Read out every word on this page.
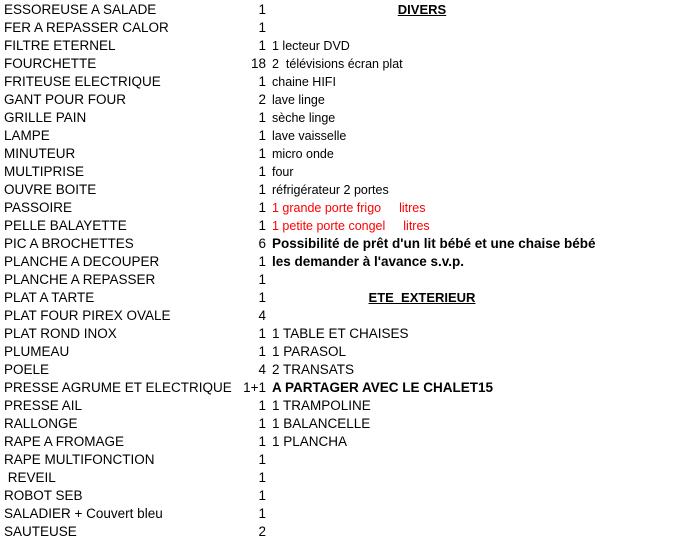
ESSOREUSE A SALADE	1
FER A REPASSER CALOR	1
FILTRE ETERNEL	1
FOURCHETTE	18
FRITEUSE ELECTRIQUE	1
GANT POUR FOUR	2
GRILLE PAIN	1
LAMPE	1
MINUTEUR	1
MULTIPRISE	1
OUVRE BOITE	1
PASSOIRE	1
PELLE BALAYETTE	1
PIC A BROCHETTES	6
PLANCHE A DECOUPER	1
PLANCHE A REPASSER	1
PLAT A TARTE	1
PLAT FOUR PIREX OVALE	4
PLAT ROND INOX	1
PLUMEAU	1
POELE	4
PRESSE AGRUME ET ELECTRIQUE 1+1
PRESSE AIL	1
RALLONGE	1
RAPE A FROMAGE	1
RAPE MULTIFONCTION	1
REVEIL	1
ROBOT SEB	1
SALADIER + Couvert bleu	1
SAUTEUSE	2
DIVERS
1 lecteur DVD
2  télévisions écran plat
chaine HIFI
lave linge
sèche linge
lave vaisselle
micro onde
four
réfrigérateur 2 portes
1 grande porte frigo litres
1 petite porte congel litres
Possibilité de prêt d'un lit bébé et une chaise bébé
les demander à l'avance s.v.p.
ETE  EXTERIEUR
1 TABLE ET CHAISES
1 PARASOL
2 TRANSATS
A PARTAGER AVEC LE CHALET15
1 TRAMPOLINE
1 BALANCELLE
1 PLANCHA
